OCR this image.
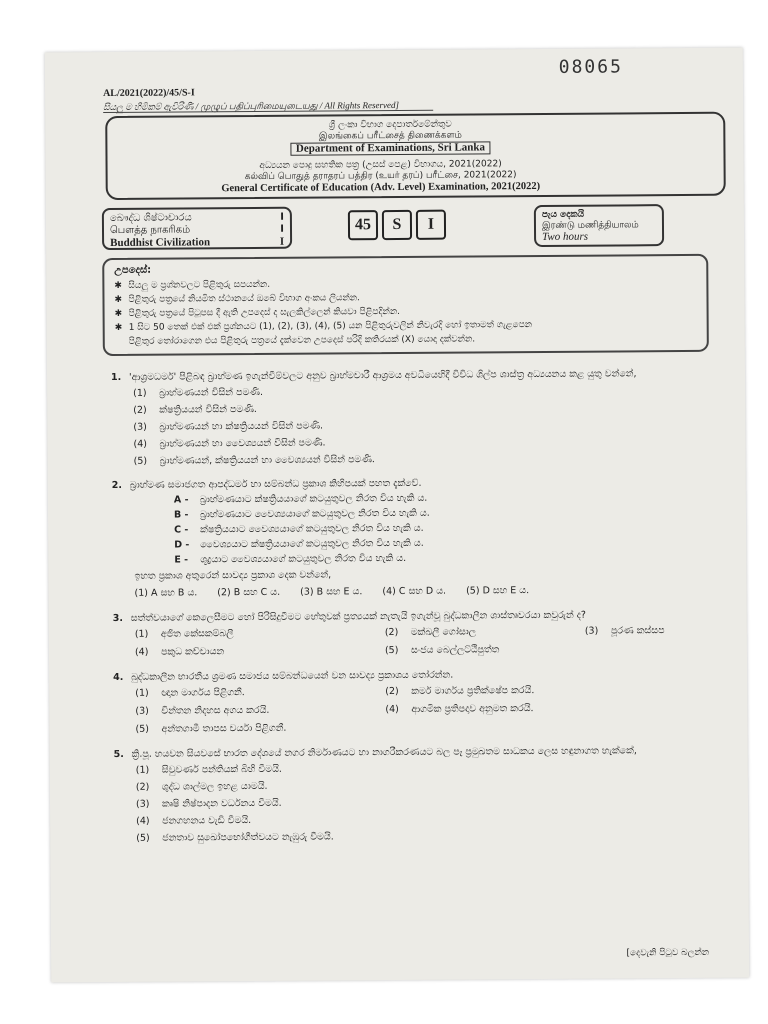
08065
AL/2021(2022)/45/S-I
සියලු ම හිමිකම් ඇවිරිණි / முழுப் பதிப்புரிமையுடையது / All Rights Reserved]
ශ්‍රී ලංකා විභාග දෙපාර්තමේන්තුව
இலங்கைப் பரீட்சைத் திணைக்களம்
Department of Examinations, Sri Lanka
අධ්‍යයන පොදු සහතික පත්‍ර (උසස් පෙළ) විභාගය, 2021(2022)
கல்விப் பொதுத் தராதரப் பத்திர (உயர் தரப்) பரீட்சை, 2021(2022)
General Certificate of Education (Adv. Level) Examination, 2021(2022)
බෞද්ධ ශිෂ්ටාචාරය	I
பௌத்த நாகரிகம்	I
Buddhist Civilization	I
45	S	I
පැය දෙකයි
இரண்டு மணித்தியாலம்
Two hours
උපදෙස්:
✱ සියලු ම ප්‍රශ්නවලට පිළිතුරු සපයන්න.
✱ පිළිතුරු පත්‍රයේ නියමිත ස්ථානයේ ඔබේ විභාග අංකය ලියන්න.
✱ පිළිතුරු පත්‍රයේ පිටුපස දී ඇති උපදෙස් ද සැලකිල්ලෙන් කියවා පිළිපදින්න.
✱ 1 සිට 50 තෙක් එක් එක් ප්‍රශ්නයට (1), (2), (3), (4), (5) යන පිළිතුරුවලින් නිවැරදි හෝ ඉතාමත් ගැළපෙන
පිළිතුර තෝරාගෙන එය පිළිතුරු පත්‍රයේ දැක්වෙන උපදෙස් පරිදි කතිරයක් (X) යොදා දක්වන්න.
1. 'ආශ්‍රමධර්ම' පිළිබඳ බ්‍රාහ්මණ ඉගැන්වීම්වලට අනුව බ්‍රාහ්මචාරී ආශ්‍රමය අවධියෙහිදී විවිධ ශිල්ප ශාස්ත්‍ර අධ්‍යයනය කළ යුතු වන්නේ,
(1)	බ්‍රාහ්මණයන් විසින් පමණි.
(2)	ක්ෂත්‍රියයන් විසින් පමණි.
(3)	බ්‍රාහ්මණයන් හා ක්ෂත්‍රියයන් විසින් පමණි.
(4)	බ්‍රාහ්මණයන් හා වෛශ්‍යයන් විසින් පමණි.
(5)	බ්‍රාහ්මණයන්, ක්ෂත්‍රියයන් හා වෛශ්‍යයන් විසින් පමණි.
2. බ්‍රාහ්මණ සමාජගත ආපද්ධර්ම හා සම්බන්ධ ප්‍රකාශ කිහිපයක් පහත දැක්වේ.
A -	බ්‍රාහ්මණයාට ක්ෂත්‍රියයාගේ කටයුතුවල නිරත විය හැකි ය.
B -	බ්‍රාහ්මණයාට වෛශ්‍යයාගේ කටයුතුවල නිරත විය හැකි ය.
C -	ක්ෂත්‍රියයාට වෛශ්‍යයාගේ කටයුතුවල නිරත විය හැකි ය.
D -	වෛශ්‍යයාට ක්ෂත්‍රියයාගේ කටයුතුවල නිරත විය හැකි ය.
E -	ශූද්‍රයාට වෛශ්‍යයාගේ කටයුතුවල නිරත විය හැකි ය.
ඉහත ප්‍රකාශ අතුරෙන් සාවද්‍ය ප්‍රකාශ දෙක වන්නේ,
(1) A සහ B ය. (2) B සහ C ය. (3) B සහ E ය. (4) C සහ D ය. (5) D සහ E ය.
3. සත්ත්වයාගේ කෙලෙසීමට හෝ පිරිසිදුවීමට හේතුවක් ප්‍රත්‍යයක් නැතැයි ඉගැන්වූ බුද්ධකාලීන ශාස්තෘවරයා කවුරුන් ද?
(1)	අජිත කේසකම්බලී	(2)	මක්ඛලී ගෝසාල	(3)	පූරණ කස්සප
(4)	පකුධ කච්චායන	(5)	සංජය බෙල්ලට්ඨිපුත්ත
4. බුද්ධකාලීන භාරතීය ශ්‍රමණ සමාජය සම්බන්ධයෙන් වන සාවද්‍ය ප්‍රකාශය තෝරන්න.
(1)	ඥාන මාර්ගය පිළිගනී.	(2)	කර්ම මාර්ගය ප්‍රතික්ෂේප කරයි.
(3)	චින්තන නිදහස අගය කරයි.	(4)	ආගමික ප්‍රතිපදාව අනුමත කරයි.
(5)	අන්තගාමී තාපස චර්යා පිළිගනී.
5. ක්‍රි.පූ. හයවන සියවසේ භාරත දේශයේ නගර නිර්මාණයට හා නාගරීකරණයට බල පෑ ප්‍රමුඛතම සාධකය ලෙස හඳුනාගත හැක්කේ,
(1)	සිවුවර්ණ පන්තියක් බිහි වීමයි.
(2)	ශුද්ධ ශාල්මල ඉහළ යාමයි.
(3)	කෘෂි නිෂ්පාදන වර්ධනය වීමයි.
(4)	ජනගහනය වැඩි වීමයි.
(5)	ජනතාව සුඛෝපභෝගීත්වයට නැඹුරු වීමයි.
[දෙවැනි පිටුව බලන්න
